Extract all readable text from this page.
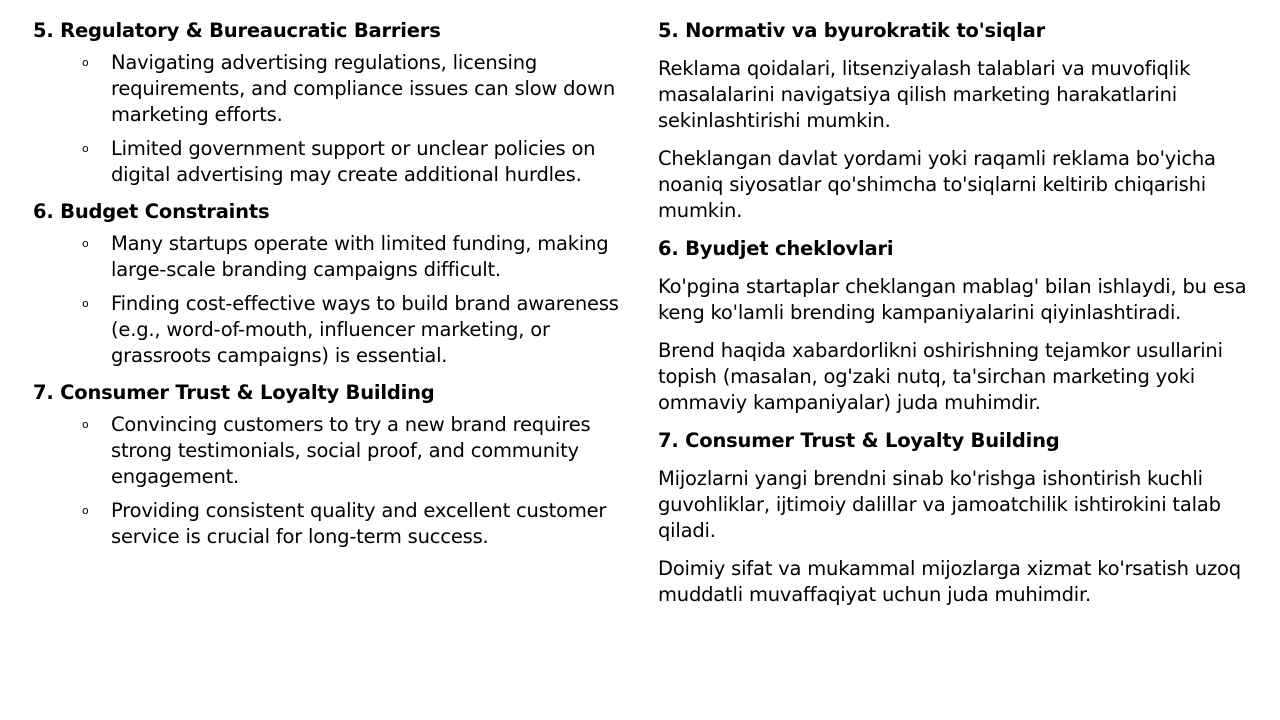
5. Regulatory & Bureaucratic Barriers

o Navigating advertising regulations, licensing requirements, and compliance issues can slow down marketing efforts.
o Limited government support or unclear policies on digital advertising may create additional hurdles.

6. Budget Constraints

o Many startups operate with limited funding, making large-scale branding campaigns difficult.
o Finding cost-effective ways to build brand awareness (e.g., word-of-mouth, influencer marketing, or grassroots campaigns) is essential.

7. Consumer Trust & Loyalty Building

o Convincing customers to try a new brand requires strong testimonials, social proof, and community engagement.
o Providing consistent quality and excellent customer service is crucial for long-term success.

5. Normativ va byurokratik to'siqlar

Reklama qoidalari, litsenziyalash talablari va muvofiqlik masalalarini navigatsiya qilish marketing harakatlarini sekinlashtirishi mumkin.

Cheklangan davlat yordami yoki raqamli reklama bo'yicha noaniq siyosatlar qo'shimcha to'siqlarni keltirib chiqarishi mumkin.

6. Byudjet cheklovlari

Ko'pgina startaplar cheklangan mablag' bilan ishlaydi, bu esa keng ko'lamli brending kampaniyalarini qiyinlashtiradi.

Brend haqida xabardorlikni oshirishning tejamkor usullarini topish (masalan, og'zaki nutq, ta'sirchan marketing yoki ommaviy kampaniyalar) juda muhimdir.

7. Consumer Trust & Loyalty Building

Mijozlarni yangi brendni sinab ko'rishga ishontirish kuchli guvohliklar, ijtimoiy dalillar va jamoatchilik ishtirokini talab qiladi.

Doimiy sifat va mukammal mijozlarga xizmat ko'rsatish uzoq muddatli muvaffaqiyat uchun juda muhimdir.
